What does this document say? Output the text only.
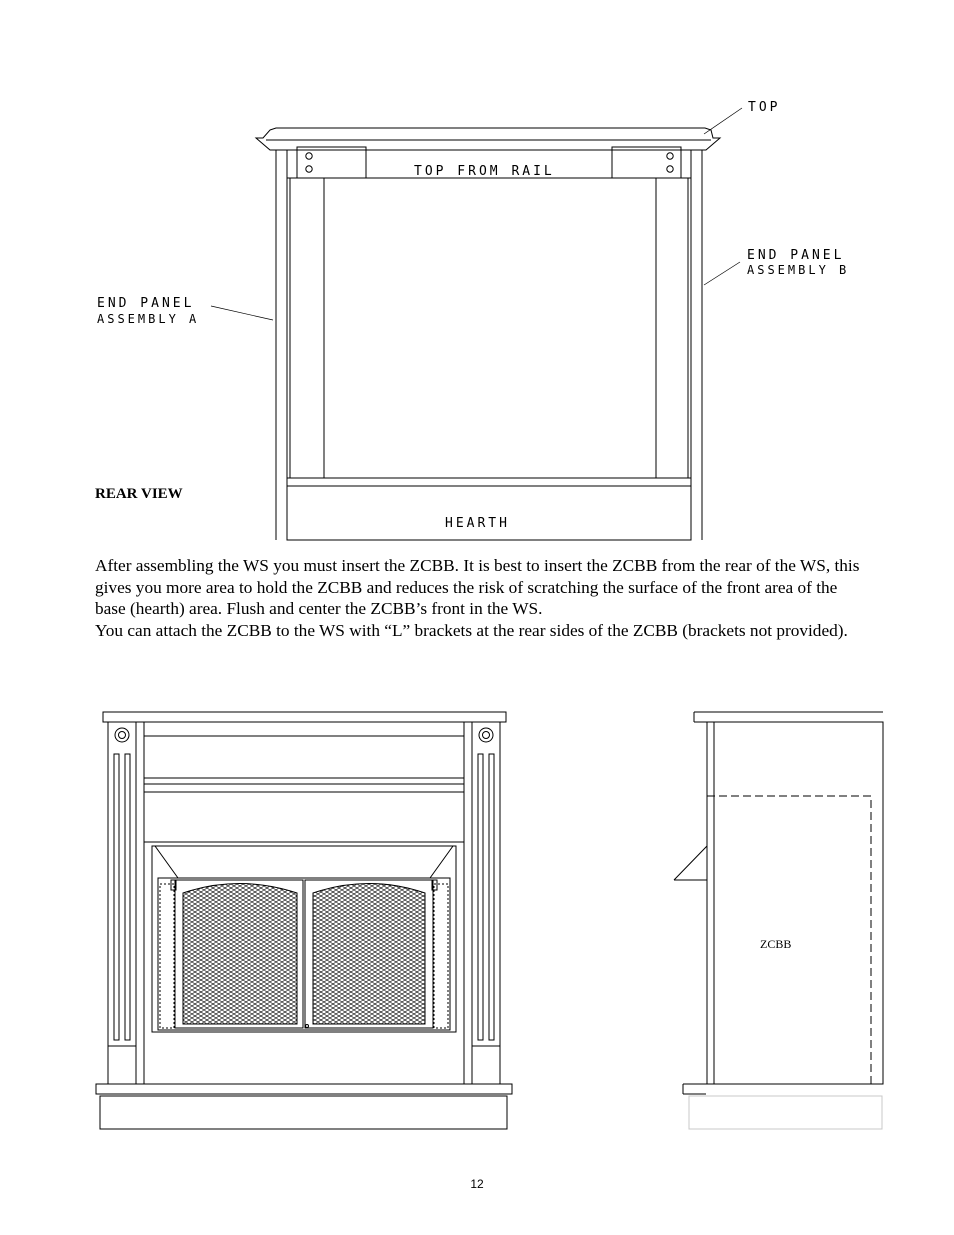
TOP
TOP FROM RAIL
END PANEL
ASSEMBLY B
END PANEL
ASSEMBLY A
HEARTH
REAR VIEW

After assembling the WS you must insert the ZCBB. It is best to insert the ZCBB from the rear of the WS, this gives you more area to hold the ZCBB and reduces the risk of scratching the surface of the front area of the base (hearth) area. Flush and center the ZCBB’s front in the WS.

You can attach the ZCBB to the WS with “L” brackets at the rear sides of the ZCBB (brackets not provided).

ZCBB
12
